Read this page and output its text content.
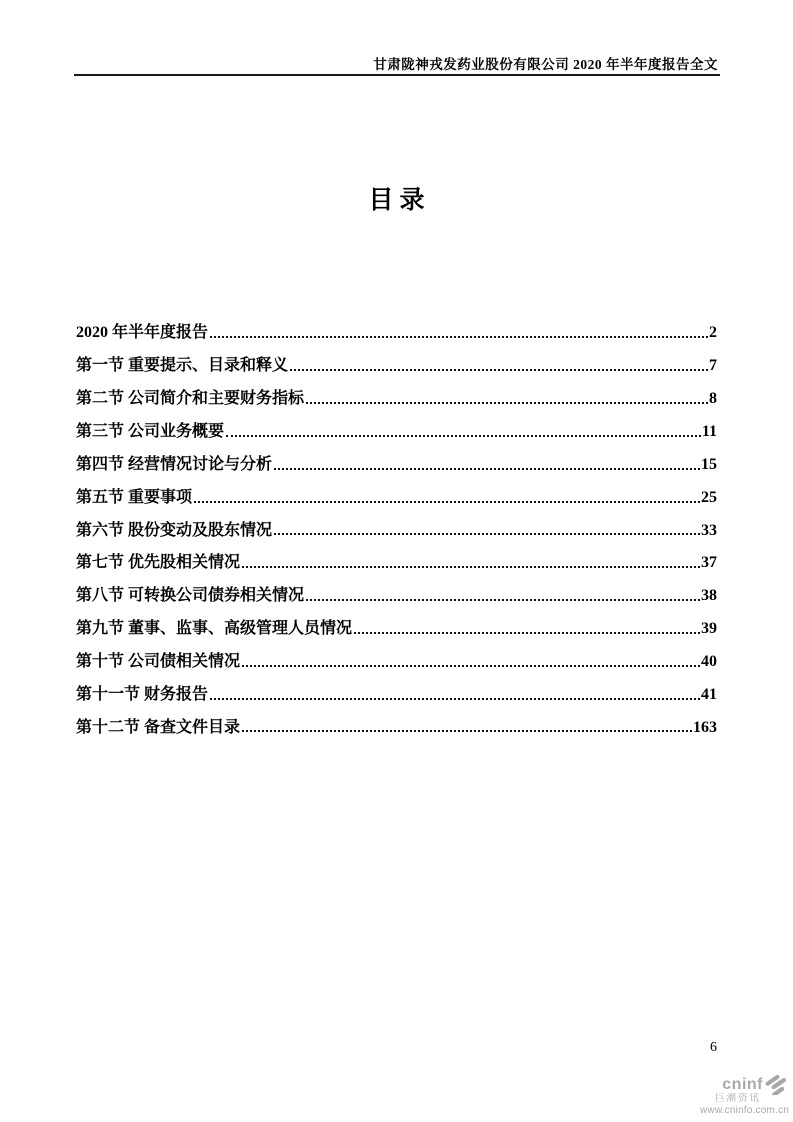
甘肃陇神戎发药业股份有限公司 2020 年半年度报告全文
目录
2020 年半年度报告	2
第一节 重要提示、目录和释义	7
第二节 公司简介和主要财务指标	8
第三节 公司业务概要	11
第四节 经营情况讨论与分析	15
第五节 重要事项	25
第六节 股份变动及股东情况	33
第七节 优先股相关情况	37
第八节 可转换公司债券相关情况	38
第九节 董事、监事、高级管理人员情况	39
第十节 公司债相关情况	40
第十一节 财务报告	41
第十二节 备查文件目录	163
6
cninf
巨潮资讯
www.cninfo.com.cn
